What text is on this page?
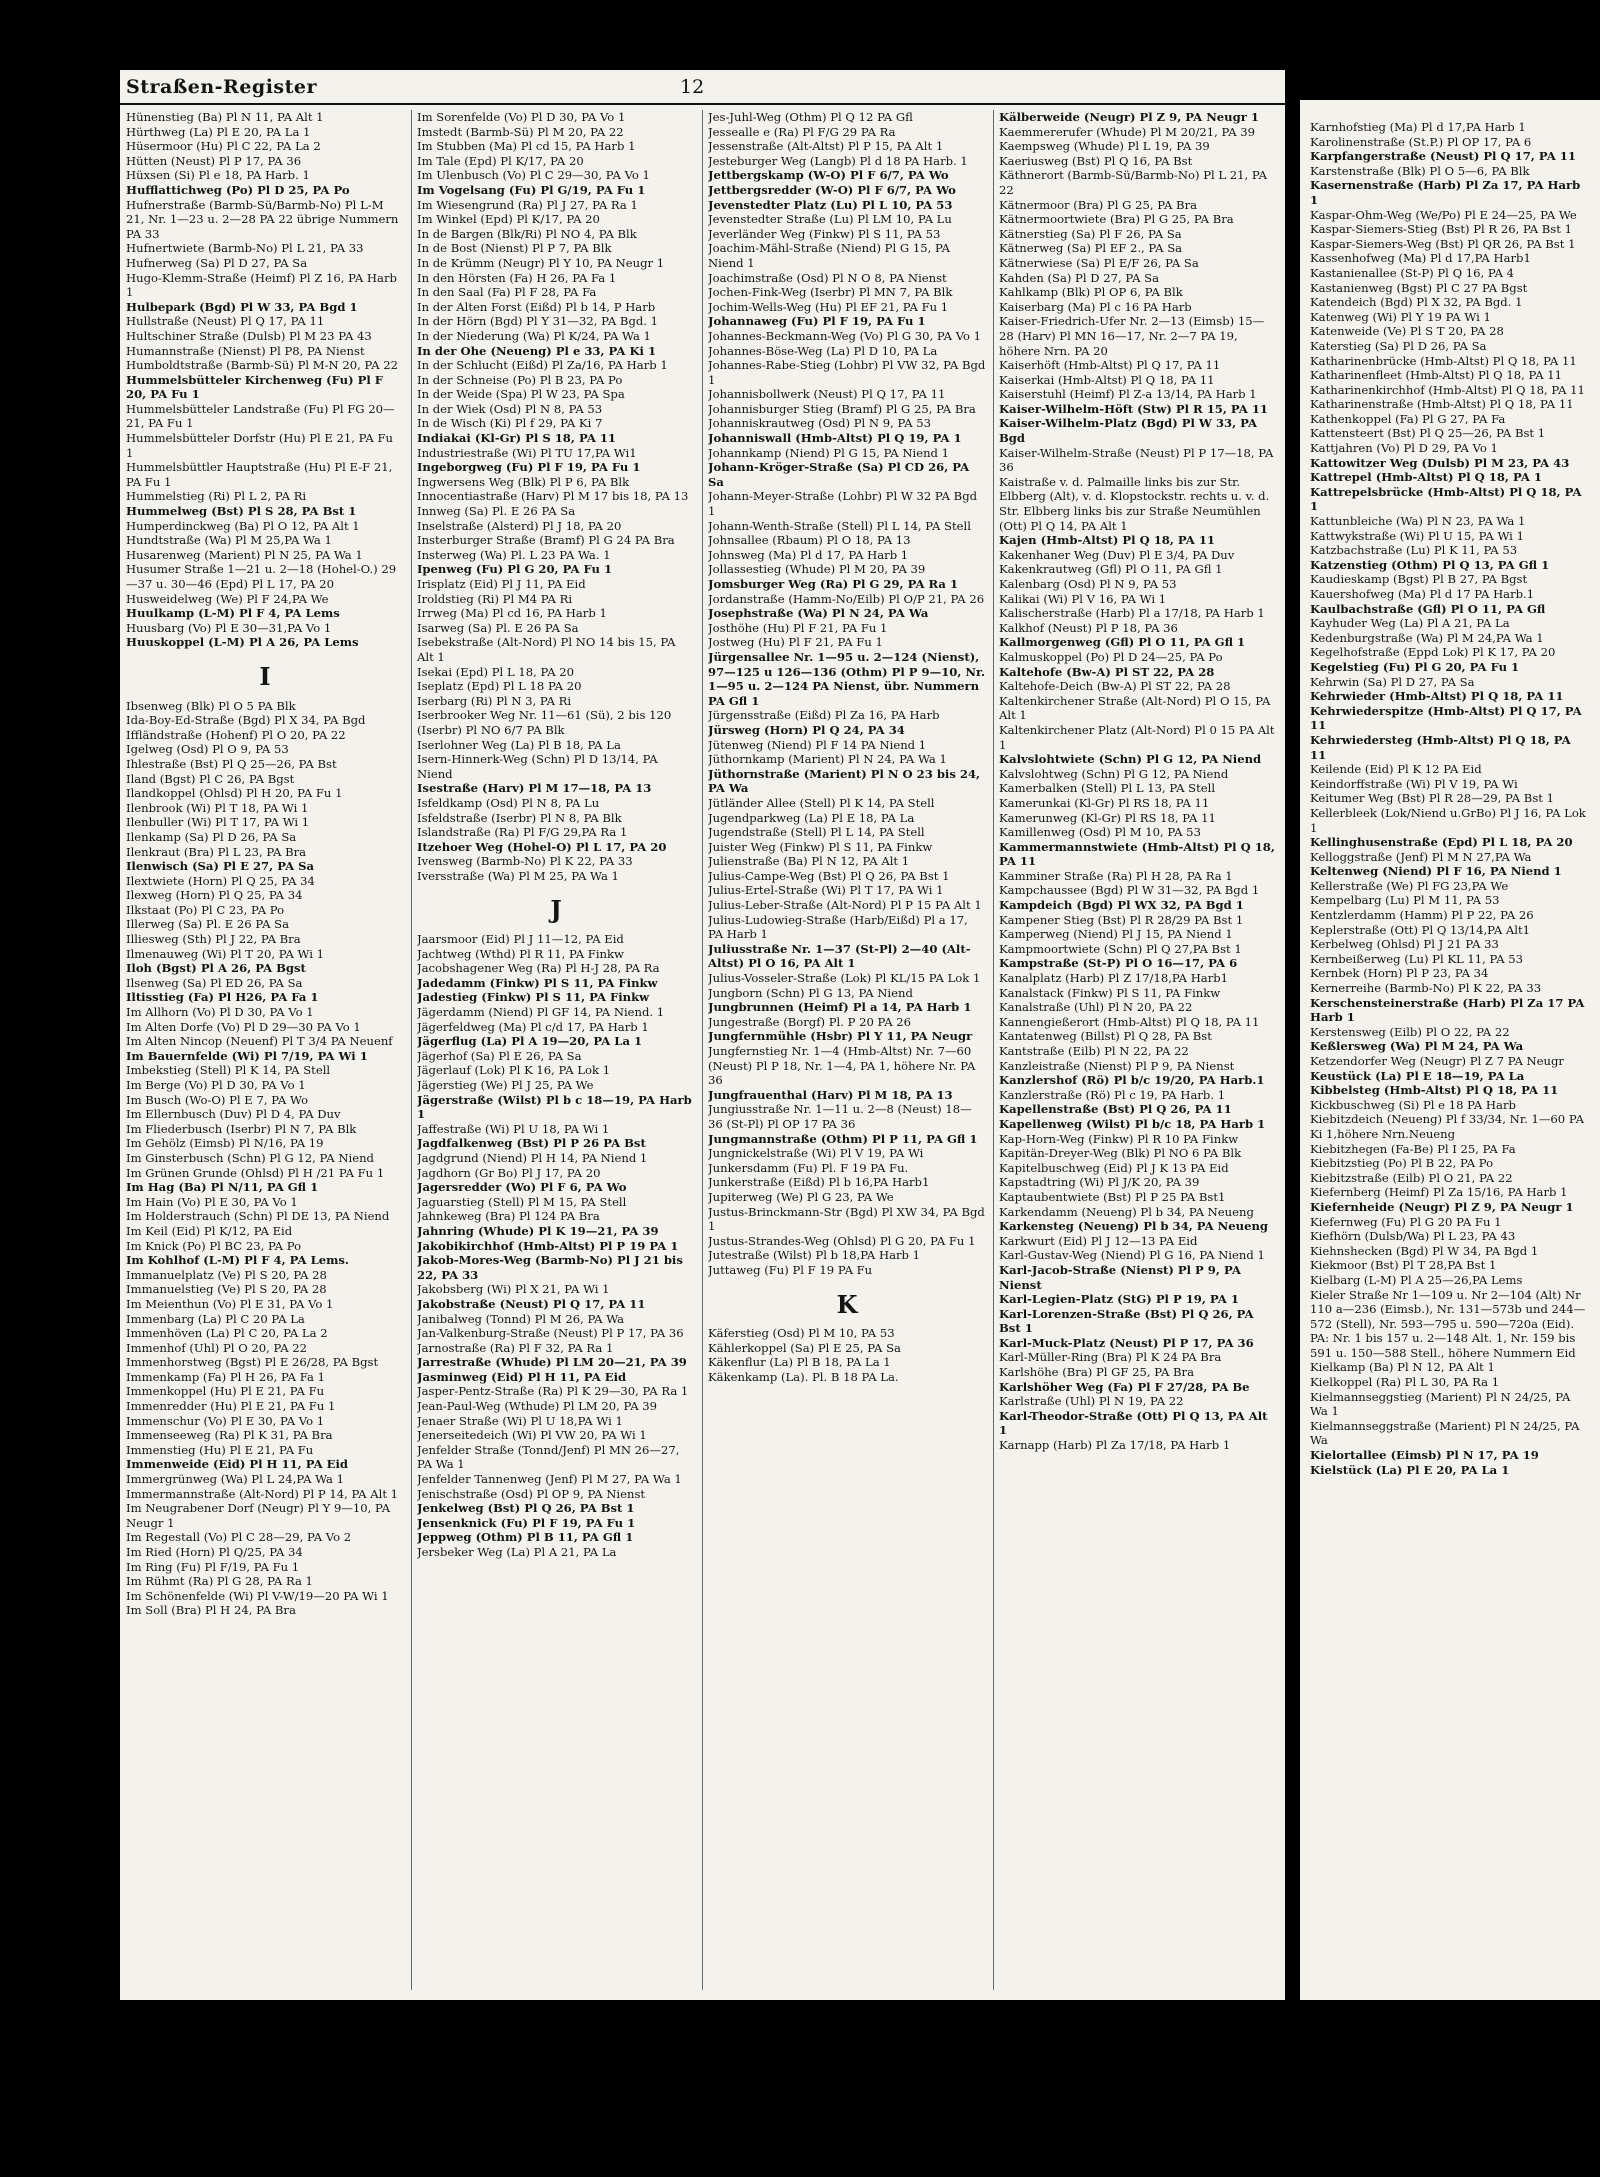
Straßen-Register	12
Hünenstieg (Ba) Pl N 11, PA Alt 1
Hürthweg (La) Pl E 20, PA La 1
Hüsermoor (Hu) Pl C 22, PA La 2
Hütten (Neust) Pl P 17, PA 36
Hüxsen (Si) Pl e 18, PA Harb. 1
Hufflattichweg (Po) Pl D 25, PA Po
Hufnerstraße (Barmb-Sü/Barmb-No) Pl L-M 21, Nr. 1—23 u. 2—28 PA 22 übrige Nummern PA 33
Hufnertwiete (Barmb-No) Pl L 21, PA 33
Hufnerweg (Sa) Pl D 27, PA Sa
Hugo-Klemm-Straße (Heimf) Pl Z 16, PA Harb 1
Hulbepark (Bgd) Pl W 33, PA Bgd 1
Hullstraße (Neust) Pl Q 17, PA 11
Hultschiner Straße (Dulsb) Pl M 23 PA 43
Humannstraße (Nienst) Pl P8, PA Nienst
Humboldtstraße (Barmb-Sü) Pl M-N 20, PA 22
Hummelsbütteler Kirchenweg (Fu) Pl F 20, PA Fu 1
Hummelsbütteler Landstraße (Fu) Pl FG 20—21, PA Fu 1
Hummelsbütteler Dorfstr (Hu) Pl E 21, PA Fu 1
Hummelsbüttler Hauptstraße (Hu) Pl E-F 21, PA Fu 1
Hummelstieg (Ri) Pl L 2, PA Ri
Hummelweg (Bst) Pl S 28, PA Bst 1
Humperdinckweg (Ba) Pl O 12, PA Alt 1
Hundtstraße (Wa) Pl M 25,PA Wa 1
Husarenweg (Marient) Pl N 25, PA Wa 1
Husumer Straße 1—21 u. 2—18 (Hohel-O.) 29—37 u. 30—46 (Epd) Pl L 17, PA 20
Husweidelweg (We) Pl F 24,PA We
Huulkamp (L-M) Pl F 4, PA Lems
Huusbarg (Vo) Pl E 30—31,PA Vo 1
Huuskoppel (L-M) Pl A 26, PA Lems
I
Ibsenweg (Blk) Pl O 5 PA Blk
Ida-Boy-Ed-Straße (Bgd) Pl X 34, PA Bgd
Iffländstraße (Hohenf) Pl O 20, PA 22
Igelweg (Osd) Pl O 9, PA 53
Ihlestraße (Bst) Pl Q 25—26, PA Bst
Iland (Bgst) Pl C 26, PA Bgst
Ilandkoppel (Ohlsd) Pl H 20, PA Fu 1
Ilenbrook (Wi) Pl T 18, PA Wi 1
Ilenbuller (Wi) Pl T 17, PA Wi 1
Ilenkamp (Sa) Pl D 26, PA Sa
Ilenkraut (Bra) Pl L 23, PA Bra
Ilenwisch (Sa) Pl E 27, PA Sa
Ilextwiete (Horn) Pl Q 25, PA 34
Ilexweg (Horn) Pl Q 25, PA 34
Ilkstaat (Po) Pl C 23, PA Po
Illerweg (Sa) Pl. E 26 PA Sa
Illiesweg (Sth) Pl J 22, PA Bra
Ilmenauweg (Wi) Pl T 20, PA Wi 1
Iloh (Bgst) Pl A 26, PA Bgst
Ilsenweg (Sa) Pl ED 26, PA Sa
Iltisstieg (Fa) Pl H26, PA Fa 1
Im Allhorn (Vo) Pl D 30, PA Vo 1
Im Alten Dorfe (Vo) Pl D 29—30 PA Vo 1
Im Alten Nincop (Neuenf) Pl T 3/4 PA Neuenf
Im Bauernfelde (Wi) Pl 7/19, PA Wi 1
Imbekstieg (Stell) Pl K 14, PA Stell
Im Berge (Vo) Pl D 30, PA Vo 1
Im Busch (Wo-O) Pl E 7, PA Wo
Im Ellernbusch (Duv) Pl D 4, PA Duv
Im Fliederbusch (Iserbr) Pl N 7, PA Blk
Im Gehölz (Eimsb) Pl N/16, PA 19
Im Ginsterbusch (Schn) Pl G 12, PA Niend
Im Grünen Grunde (Ohlsd) Pl H /21 PA Fu 1
Im Hag (Ba) Pl N/11, PA Gfl 1
Im Hain (Vo) Pl E 30, PA Vo 1
Im Holderstrauch (Schn) Pl DE 13, PA Niend
Im Keil (Eid) Pl K/12, PA Eid
Im Knick (Po) Pl BC 23, PA Po
Im Kohlhof (L-M) Pl F 4, PA Lems.
Immanuelplatz (Ve) Pl S 20, PA 28
Immanuelstieg (Ve) Pl S 20, PA 28
Im Meienthun (Vo) Pl E 31, PA Vo 1
Immenbarg (La) Pl C 20 PA La
Immenhöven (La) Pl C 20, PA La 2
Immenhof (Uhl) Pl O 20, PA 22
Immenhorstweg (Bgst) Pl E 26/28, PA Bgst
Immenkamp (Fa) Pl H 26, PA Fa 1
Immenkoppel (Hu) Pl E 21, PA Fu
Immenredder (Hu) Pl E 21, PA Fu 1
Immenschur (Vo) Pl E 30, PA Vo 1
Immenseeweg (Ra) Pl K 31, PA Bra
Immenstieg (Hu) Pl E 21, PA Fu
Immenweide (Eid) Pl H 11, PA Eid
Immergrünweg (Wa) Pl L 24,PA Wa 1
Immermannstraße (Alt-Nord) Pl P 14, PA Alt 1
Im Neugrabener Dorf (Neugr) Pl Y 9—10, PA Neugr 1
Im Regestall (Vo) Pl C 28—29, PA Vo 2
Im Ried (Horn) Pl Q/25, PA 34
Im Ring (Fu) Pl F/19, PA Fu 1
Im Rühmt (Ra) Pl G 28, PA Ra 1
Im Schönenfelde (Wi) Pl V-W/19—20 PA Wi 1
Im Soll (Bra) Pl H 24, PA Bra
Im Sorenfelde (Vo) Pl D 30, PA Vo 1
Imstedt (Barmb-Sü) Pl M 20, PA 22
Im Stubben (Ma) Pl cd 15, PA Harb 1
Im Tale (Epd) Pl K/17, PA 20
Im Ulenbusch (Vo) Pl C 29—30, PA Vo 1
Im Vogelsang (Fu) Pl G/19, PA Fu 1
Im Wiesengrund (Ra) Pl J 27, PA Ra 1
Im Winkel (Epd) Pl K/17, PA 20
In de Bargen (Blk/Ri) Pl NO 4, PA Blk
In de Bost (Nienst) Pl P 7, PA Blk
In de Krümm (Neugr) Pl Y 10, PA Neugr 1
In den Hörsten (Fa) H 26, PA Fa 1
In den Saal (Fa) Pl F 28, PA Fa
In der Alten Forst (Eißd) Pl b 14, P Harb
In der Hörn (Bgd) Pl Y 31—32, PA Bgd. 1
In der Niederung (Wa) Pl K/24, PA Wa 1
In der Ohe (Neueng) Pl e 33, PA Ki 1
In der Schlucht (Eißd) Pl Za/16, PA Harb 1
In der Schneise (Po) Pl B 23, PA Po
In der Weide (Spa) Pl W 23, PA Spa
In der Wiek (Osd) Pl N 8, PA 53
In de Wisch (Ki) Pl f 29, PA Ki 7
Indiakai (Kl-Gr) Pl S 18, PA 11
Industriestraße (Wi) Pl TU 17,PA Wi1
Ingeborgweg (Fu) Pl F 19, PA Fu 1
Ingwersens Weg (Blk) Pl P 6, PA Blk
Innocentiastraße (Harv) Pl M 17 bis 18, PA 13
Innweg (Sa) Pl. E 26 PA Sa
Inselstraße (Alsterd) Pl J 18, PA 20
Insterburger Straße (Bramf) Pl G 24 PA Bra
Insterweg (Wa) Pl. L 23 PA Wa. 1
Ipenweg (Fu) Pl G 20, PA Fu 1
Irisplatz (Eid) Pl J 11, PA Eid
Iroldstieg (Ri) Pl M4 PA Ri
Irrweg (Ma) Pl cd 16, PA Harb 1
Isarweg (Sa) Pl. E 26 PA Sa
Isebekstraße (Alt-Nord) Pl NO 14 bis 15, PA Alt 1
Isekai (Epd) Pl L 18, PA 20
Iseplatz (Epd) Pl L 18 PA 20
Iserbarg (Ri) Pl N 3, PA Ri
Iserbrooker Weg Nr. 11—61 (Sü), 2 bis 120 (Iserbr) Pl NO 6/7 PA Blk
Iserlohner Weg (La) Pl B 18, PA La
Isern-Hinnerk-Weg (Schn) Pl D 13/14, PA Niend
Isestraße (Harv) Pl M 17—18, PA 13
Isfeldkamp (Osd) Pl N 8, PA Lu
Isfeldstraße (Iserbr) Pl N 8, PA Blk
Islandstraße (Ra) Pl F/G 29,PA Ra 1
Itzehoer Weg (Hohel-O) Pl L 17, PA 20
Ivensweg (Barmb-No) Pl K 22, PA 33
Iversstraße (Wa) Pl M 25, PA Wa 1
J
Jaarsmoor (Eid) Pl J 11—12, PA Eid
Jachtweg (Wthd) Pl R 11, PA Finkw
Jacobshagener Weg (Ra) Pl H-J 28, PA Ra
Jadedamm (Finkw) Pl S 11, PA Finkw
Jadestieg (Finkw) Pl S 11, PA Finkw
Jägerdamm (Niend) Pl GF 14, PA Niend. 1
Jägerfeldweg (Ma) Pl c/d 17, PA Harb 1
Jägerflug (La) Pl A 19—20, PA La 1
Jägerhof (Sa) Pl E 26, PA Sa
Jägerlauf (Lok) Pl K 16, PA Lok 1
Jägerstieg (We) Pl J 25, PA We
Jägerstraße (Wilst) Pl b c 18—19, PA Harb 1
Jaffestraße (Wi) Pl U 18, PA Wi 1
Jagdfalkenweg (Bst) Pl P 26 PA Bst
Jagdgrund (Niend) Pl H 14, PA Niend 1
Jagdhorn (Gr Bo) Pl J 17, PA 20
Jagersredder (Wo) Pl F 6, PA Wo
Jaguarstieg (Stell) Pl M 15, PA Stell
Jahnkeweg (Bra) Pl 124 PA Bra
Jahnring (Whude) Pl K 19—21, PA 39
Jakobikirchhof (Hmb-Altst) Pl P 19 PA 1
Jakob-Mores-Weg (Barmb-No) Pl J 21 bis 22, PA 33
Jakobsberg (Wi) Pl X 21, PA Wi 1
Jakobstraße (Neust) Pl Q 17, PA 11
Janibalweg (Tonnd) Pl M 26, PA Wa
Jan-Valkenburg-Straße (Neust) Pl P 17, PA 36
Jarnostraße (Ra) Pl F 32, PA Ra 1
Jarrestraße (Whude) Pl LM 20—21, PA 39
Jasminweg (Eid) Pl H 11, PA Eid
Jasper-Pentz-Straße (Ra) Pl K 29—30, PA Ra 1
Jean-Paul-Weg (Wthude) Pl LM 20, PA 39
Jenaer Straße (Wi) Pl U 18,PA Wi 1
Jenerseitedeich (Wi) Pl VW 20, PA Wi 1
Jenfelder Straße (Tonnd/Jenf) Pl MN 26—27, PA Wa 1
Jenfelder Tannenweg (Jenf) Pl M 27, PA Wa 1
Jenischstraße (Osd) Pl OP 9, PA Nienst
Jenkelweg (Bst) Pl Q 26, PA Bst 1
Jensenknick (Fu) Pl F 19, PA Fu 1
Jeppweg (Othm) Pl B 11, PA Gfl 1
Jersbeker Weg (La) Pl A 21, PA La
Jes-Juhl-Weg (Othm) Pl Q 12 PA Gfl
Jessealle e (Ra) Pl F/G 29 PA Ra
Jessenstraße (Alt-Altst) Pl P 15, PA Alt 1
Jesteburger Weg (Langb) Pl d 18 PA Harb. 1
Jettbergskamp (W-O) Pl F 6/7, PA Wo
Jettbergsredder (W-O) Pl F 6/7, PA Wo
Jevenstedter Platz (Lu) Pl L 10, PA 53
Jevenstedter Straße (Lu) Pl LM 10, PA Lu
Jeverländer Weg (Finkw) Pl S 11, PA 53
Joachim-Mähl-Straße (Niend) Pl G 15, PA Niend 1
Joachimstraße (Osd) Pl N O 8, PA Nienst
Jochen-Fink-Weg (Iserbr) Pl MN 7, PA Blk
Jochim-Wells-Weg (Hu) Pl EF 21, PA Fu 1
Johannaweg (Fu) Pl F 19, PA Fu 1
Johannes-Beckmann-Weg (Vo) Pl G 30, PA Vo 1
Johannes-Böse-Weg (La) Pl D 10, PA La
Johannes-Rabe-Stieg (Lohbr) Pl VW 32, PA Bgd 1
Johannisbollwerk (Neust) Pl Q 17, PA 11
Johannisburger Stieg (Bramf) Pl G 25, PA Bra
Johanniskrautweg (Osd) Pl N 9, PA 53
Johanniswall (Hmb-Altst) Pl Q 19, PA 1
Johannkamp (Niend) Pl G 15, PA Niend 1
Johann-Kröger-Straße (Sa) Pl CD 26, PA Sa
Johann-Meyer-Straße (Lohbr) Pl W 32 PA Bgd 1
Johann-Wenth-Straße (Stell) Pl L 14, PA Stell
Johnsallee (Rbaum) Pl O 18, PA 13
Johnsweg (Ma) Pl d 17, PA Harb 1
Jollassestieg (Whude) Pl M 20, PA 39
Jomsburger Weg (Ra) Pl G 29, PA Ra 1
Jordanstraße (Hamm-No/Eilb) Pl O/P 21, PA 26
Josephstraße (Wa) Pl N 24, PA Wa
Josthöhe (Hu) Pl F 21, PA Fu 1
Jostweg (Hu) Pl F 21, PA Fu 1
Jürgensallee Nr. 1—95 u. 2—124 (Nienst), 97—125 u 126—136 (Othm) Pl P 9—10, Nr. 1—95 u. 2—124 PA Nienst, übr. Nummern PA Gfl 1
Jürgensstraße (Eißd) Pl Za 16, PA Harb
Jürsweg (Horn) Pl Q 24, PA 34
Jütenweg (Niend) Pl F 14 PA Niend 1
Jüthornkamp (Marient) Pl N 24, PA Wa 1
Jüthornstraße (Marient) Pl N O 23 bis 24, PA Wa
Jütländer Allee (Stell) Pl K 14, PA Stell
Jugendparkweg (La) Pl E 18, PA La
Jugendstraße (Stell) Pl L 14, PA Stell
Juister Weg (Finkw) Pl S 11, PA Finkw
Julienstraße (Ba) Pl N 12, PA Alt 1
Julius-Campe-Weg (Bst) Pl Q 26, PA Bst 1
Julius-Ertel-Straße (Wi) Pl T 17, PA Wi 1
Julius-Leber-Straße (Alt-Nord) Pl P 15 PA Alt 1
Julius-Ludowieg-Straße (Harb/Eißd) Pl a 17, PA Harb 1
Juliusstraße Nr. 1—37 (St-Pl) 2—40 (Alt-Altst) Pl O 16, PA Alt 1
Julius-Vosseler-Straße (Lok) Pl KL/15 PA Lok 1
Jungborn (Schn) Pl G 13, PA Niend
Jungbrunnen (Heimf) Pl a 14, PA Harb 1
Jungestraße (Borgf) Pl. P 20 PA 26
Jungfernmühle (Hsbr) Pl Y 11, PA Neugr
Jungfernstieg Nr. 1—4 (Hmb-Altst) Nr. 7—60 (Neust) Pl P 18, Nr. 1—4, PA 1, höhere Nr. PA 36
Jungfrauenthal (Harv) Pl M 18, PA 13
Jungiusstraße Nr. 1—11 u. 2—8 (Neust) 18—36 (St-Pl) Pl OP 17 PA 36
Jungmannstraße (Othm) Pl P 11, PA Gfl 1
Jungnickelstraße (Wi) Pl V 19, PA Wi
Junkersdamm (Fu) Pl. F 19 PA Fu.
Junkerstraße (Eißd) Pl b 16,PA Harb1
Jupiterweg (We) Pl G 23, PA We
Justus-Brinckmann-Str (Bgd) Pl XW 34, PA Bgd 1
Justus-Strandes-Weg (Ohlsd) Pl G 20, PA Fu 1
Jutestraße (Wilst) Pl b 18,PA Harb 1
Juttaweg (Fu) Pl F 19 PA Fu
K
Käferstieg (Osd) Pl M 10, PA 53
Kählerkoppel (Sa) Pl E 25, PA Sa
Käkenflur (La) Pl B 18, PA La 1
Käkenkamp (La). Pl. B 18 PA La.
Kälberweide (Neugr) Pl Z 9, PA Neugr 1
Kaemmererufer (Whude) Pl M 20/21, PA 39
Kaempsweg (Whude) Pl L 19, PA 39
Kaeriusweg (Bst) Pl Q 16, PA Bst
Käthnerort (Barmb-Sü/Barmb-No) Pl L 21, PA 22
Kätnermoor (Bra) Pl G 25, PA Bra
Kätnermoortwiete (Bra) Pl G 25, PA Bra
Kätnerstieg (Sa) Pl F 26, PA Sa
Kätnerweg (Sa) Pl EF 2., PA Sa
Kätnerwiese (Sa) Pl E/F 26, PA Sa
Kahden (Sa) Pl D 27, PA Sa
Kahlkamp (Blk) Pl OP 6, PA Blk
Kaiserbarg (Ma) Pl c 16 PA Harb
Kaiser-Friedrich-Ufer Nr. 2—13 (Eimsb) 15—28 (Harv) Pl MN 16—17, Nr. 2—7 PA 19, höhere Nrn. PA 20
Kaiserhöft (Hmb-Altst) Pl Q 17, PA 11
Kaiserkai (Hmb-Altst) Pl Q 18, PA 11
Kaiserstuhl (Heimf) Pl Z-a 13/14, PA Harb 1
Kaiser-Wilhelm-Höft (Stw) Pl R 15, PA 11
Kaiser-Wilhelm-Platz (Bgd) Pl W 33, PA Bgd
Kaiser-Wilhelm-Straße (Neust) Pl P 17—18, PA 36
Kaistraße v. d. Palmaille links bis zur Str. Elbberg (Alt), v. d. Klopstockstr. rechts u. v. d. Str. Elbberg links bis zur Straße Neumühlen (Ott) Pl Q 14, PA Alt 1
Kajen (Hmb-Altst) Pl Q 18, PA 11
Kakenhaner Weg (Duv) Pl E 3/4, PA Duv
Kakenkrautweg (Gfl) Pl O 11, PA Gfl 1
Kalenbarg (Osd) Pl N 9, PA 53
Kalikai (Wi) Pl V 16, PA Wi 1
Kalischerstraße (Harb) Pl a 17/18, PA Harb 1
Kalkhof (Neust) Pl P 18, PA 36
Kallmorgenweg (Gfl) Pl O 11, PA Gfl 1
Kalmuskoppel (Po) Pl D 24—25, PA Po
Kaltehofe (Bw-A) Pl ST 22, PA 28
Kaltehofe-Deich (Bw-A) Pl ST 22, PA 28
Kaltenkirchener Straße (Alt-Nord) Pl O 15, PA Alt 1
Kaltenkirchener Platz (Alt-Nord) Pl 0 15 PA Alt 1
Kalvslohtwiete (Schn) Pl G 12, PA Niend
Kalvslohtweg (Schn) Pl G 12, PA Niend
Kamerbalken (Stell) Pl L 13, PA Stell
Kamerunkai (Kl-Gr) Pl RS 18, PA 11
Kamerunweg (Kl-Gr) Pl RS 18, PA 11
Kamillenweg (Osd) Pl M 10, PA 53
Kammermannstwiete (Hmb-Altst) Pl Q 18, PA 11
Kamminer Straße (Ra) Pl H 28, PA Ra 1
Kampchaussee (Bgd) Pl W 31—32, PA Bgd 1
Kampdeich (Bgd) Pl WX 32, PA Bgd 1
Kampener Stieg (Bst) Pl R 28/29 PA Bst 1
Kamperweg (Niend) Pl J 15, PA Niend 1
Kampmoortwiete (Schn) Pl Q 27,PA Bst 1
Kampstraße (St-P) Pl O 16—17, PA 6
Kanalplatz (Harb) Pl Z 17/18,PA Harb1
Kanalstack (Finkw) Pl S 11, PA Finkw
Kanalstraße (Uhl) Pl N 20, PA 22
Kannengießerort (Hmb-Altst) Pl Q 18, PA 11
Kantatenweg (Billst) Pl Q 28, PA Bst
Kantstraße (Eilb) Pl N 22, PA 22
Kanzleistraße (Nienst) Pl P 9, PA Nienst
Kanzlershof (Rö) Pl b/c 19/20, PA Harb.1
Kanzlerstraße (Rö) Pl c 19, PA Harb. 1
Kapellenstraße (Bst) Pl Q 26, PA 11
Kapellenweg (Wilst) Pl b/c 18, PA Harb 1
Kap-Horn-Weg (Finkw) Pl R 10 PA Finkw
Kapitän-Dreyer-Weg (Blk) Pl NO 6 PA Blk
Kapitelbuschweg (Eid) Pl J K 13 PA Eid
Kapstadtring (Wi) Pl J/K 20, PA 39
Kaptaubentwiete (Bst) Pl P 25 PA Bst1
Karkendamm (Neueng) Pl b 34, PA Neueng
Karkensteg (Neueng) Pl b 34, PA Neueng
Karkwurt (Eid) Pl J 12—13 PA Eid
Karl-Gustav-Weg (Niend) Pl G 16, PA Niend 1
Karl-Jacob-Straße (Nienst) Pl P 9, PA Nienst
Karl-Legien-Platz (StG) Pl P 19, PA 1
Karl-Lorenzen-Straße (Bst) Pl Q 26, PA Bst 1
Karl-Muck-Platz (Neust) Pl P 17, PA 36
Karl-Müller-Ring (Bra) Pl K 24 PA Bra
Karlshöhe (Bra) Pl GF 25, PA Bra
Karlshöher Weg (Fa) Pl F 27/28, PA Be
Karlstraße (Uhl) Pl N 19, PA 22
Karl-Theodor-Straße (Ott) Pl Q 13, PA Alt 1
Karnapp (Harb) Pl Za 17/18, PA Harb 1
Karnhofstieg (Ma) Pl d 17,PA Harb 1
Karolinenstraße (St.P.) Pl OP 17, PA 6
Karpfangerstraße (Neust) Pl Q 17, PA 11
Karstenstraße (Blk) Pl O 5—6, PA Blk
Kasernenstraße (Harb) Pl Za 17, PA Harb 1
Kaspar-Ohm-Weg (We/Po) Pl E 24—25, PA We
Kaspar-Siemers-Stieg (Bst) Pl R 26, PA Bst 1
Kaspar-Siemers-Weg (Bst) Pl QR 26, PA Bst 1
Kassenhofweg (Ma) Pl d 17,PA Harb1
Kastanienallee (St-P) Pl Q 16, PA 4
Kastanienweg (Bgst) Pl C 27 PA Bgst
Katendeich (Bgd) Pl X 32, PA Bgd. 1
Katenweg (Wi) Pl Y 19 PA Wi 1
Katenweide (Ve) Pl S T 20, PA 28
Katerstieg (Sa) Pl D 26, PA Sa
Katharinenbrücke (Hmb-Altst) Pl Q 18, PA 11
Katharinenfleet (Hmb-Altst) Pl Q 18, PA 11
Katharinenkirchhof (Hmb-Altst) Pl Q 18, PA 11
Katharinenstraße (Hmb-Altst) Pl Q 18, PA 11
Kathenkoppel (Fa) Pl G 27, PA Fa
Kattensteert (Bst) Pl Q 25—26, PA Bst 1
Kattjahren (Vo) Pl D 29, PA Vo 1
Kattowitzer Weg (Dulsb) Pl M 23, PA 43
Kattrepel (Hmb-Altst) Pl Q 18, PA 1
Kattrepelsbrücke (Hmb-Altst) Pl Q 18, PA 1
Kattunbleiche (Wa) Pl N 23, PA Wa 1
Kattwykstraße (Wi) Pl U 15, PA Wi 1
Katzbachstraße (Lu) Pl K 11, PA 53
Katzenstieg (Othm) Pl Q 13, PA Gfl 1
Kaudieskamp (Bgst) Pl B 27, PA Bgst
Kauershofweg (Ma) Pl d 17 PA Harb.1
Kaulbachstraße (Gfl) Pl O 11, PA Gfl
Kayhuder Weg (La) Pl A 21, PA La
Kedenburgstraße (Wa) Pl M 24,PA Wa 1
Kegelhofstraße (Eppd Lok) Pl K 17, PA 20
Kegelstieg (Fu) Pl G 20, PA Fu 1
Kehrwin (Sa) Pl D 27, PA Sa
Kehrwieder (Hmb-Altst) Pl Q 18, PA 11
Kehrwiederspitze (Hmb-Altst) Pl Q 17, PA 11
Kehrwiedersteg (Hmb-Altst) Pl Q 18, PA 11
Keilende (Eid) Pl K 12 PA Eid
Keindorffstraße (Wi) Pl V 19, PA Wi
Keitumer Weg (Bst) Pl R 28—29, PA Bst 1
Kellerbleek (Lok/Niend u.GrBo) Pl J 16, PA Lok 1
Kellinghusenstraße (Epd) Pl L 18, PA 20
Kelloggstraße (Jenf) Pl M N 27,PA Wa
Keltenweg (Niend) Pl F 16, PA Niend 1
Kellerstraße (We) Pl FG 23,PA We
Kempelbarg (Lu) Pl M 11, PA 53
Kentzlerdamm (Hamm) Pl P 22, PA 26
Keplerstraße (Ott) Pl Q 13/14,PA Alt1
Kerbelweg (Ohlsd) Pl J 21 PA 33
Kernbeißerweg (Lu) Pl KL 11, PA 53
Kernbek (Horn) Pl P 23, PA 34
Kernerreihe (Barmb-No) Pl K 22, PA 33
Kerschensteinerstraße (Harb) Pl Za 17 PA Harb 1
Kerstensweg (Eilb) Pl O 22, PA 22
Keßlersweg (Wa) Pl M 24, PA Wa
Ketzendorfer Weg (Neugr) Pl Z 7 PA Neugr
Keustück (La) Pl E 18—19, PA La
Kibbelsteg (Hmb-Altst) Pl Q 18, PA 11
Kickbuschweg (Si) Pl e 18 PA Harb
Kiebitzdeich (Neueng) Pl f 33/34, Nr. 1—60 PA Ki 1,höhere Nrn.Neueng
Kiebitzhegen (Fa-Be) Pl I 25, PA Fa
Kiebitzstieg (Po) Pl B 22, PA Po
Kiebitzstraße (Eilb) Pl O 21, PA 22
Kiefernberg (Heimf) Pl Za 15/16, PA Harb 1
Kiefernheide (Neugr) Pl Z 9, PA Neugr 1
Kiefernweg (Fu) Pl G 20 PA Fu 1
Kiefhörn (Dulsb/Wa) Pl L 23, PA 43
Kiehnshecken (Bgd) Pl W 34, PA Bgd 1
Kiekmoor (Bst) Pl T 28,PA Bst 1
Kielbarg (L-M) Pl A 25—26,PA Lems
Kieler Straße Nr 1—109 u. Nr 2—104 (Alt) Nr 110 a—236 (Eimsb.), Nr. 131—573b und 244—572 (Stell), Nr. 593—795 u. 590—720a (Eid). PA: Nr. 1 bis 157 u. 2—148 Alt. 1, Nr. 159 bis 591 u. 150—588 Stell., höhere Nummern Eid
Kielkamp (Ba) Pl N 12, PA Alt 1
Kielkoppel (Ra) Pl L 30, PA Ra 1
Kielmannseggstieg (Marient) Pl N 24/25, PA Wa 1
Kielmannseggstraße (Marient) Pl N 24/25, PA Wa
Kielortallee (Eimsb) Pl N 17, PA 19
Kielstück (La) Pl E 20, PA La 1
